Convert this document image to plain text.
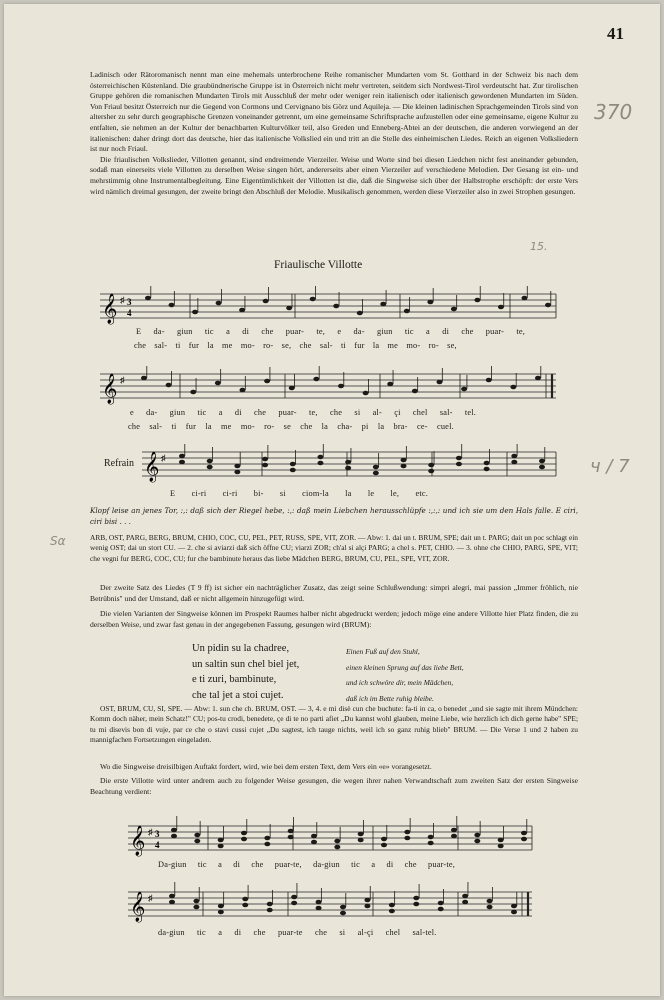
41
370
15.
ч / 7
Ѕα

Ladinisch oder Rätoromanisch nennt man eine mehemals unterbrochene Reihe romanischer Mundarten vom St. Gotthard in der Schweiz bis nach dem österreichischen Küstenland. Die graubündnerische Gruppe ist in Österreich nicht mehr vertreten, seitdem sich Nordwest-Tirol verdeutscht hat. Zur tirolischen Gruppe gehören die romanischen Mundarten Tirols mit Ausschluß der mehr oder weniger rein italienisch oder italienisch gewordenen Mundarten im Süden. Von Friaul besitzt Österreich nur die Gegend von Cormons und Cervignano bis Görz und Aquileja. — Die kleinen ladinischen Sprachgemeinden Tirols sind von altersher zu sehr durch geographische Grenzen voneinander getrennt, um eine gemeinsame Schriftsprache aufzustellen oder eine gemeinsame, eigene Kultur zu entfalten, sie nehmen an der Kultur der benachbarten Kulturvölker teil, also Greden und Enneberg-Abtei an der deutschen, die anderen vorwiegend an der italienischen: daher dringt dort das deutsche, hier das italienische Volkslied ein und tritt an die Stelle des einheimischen Liedes. Reich an eigenen Volksliedern ist nur noch Friaul.

Die friaulischen Volkslieder, Villotten genannt, sind endreimende Vierzeiler. Weise und Worte sind bei diesen Liedchen nicht fest aneinander gebunden, sodaß man einerseits viele Villotten zu derselben Weise singen hört, andererseits aber einen Vierzeiler auf verschiedene Melodien. Der Gesang ist ein- und mehrstimmig ohne Instrumentalbegleitung. Eine Eigentümlichkeit der Villotten ist die, daß die Singweise sich über der Halbstrophe erschöpft: der erste Vers wird nämlich dreimal gesungen, der zweite bringt den Abschluß der Melodie. Musikalisch genommen, werden diese Vierzeiler also in zwei Strophen gesungen.

Friaulische Villotte
𝄞 ♯ 3
4
E da- giun tic a di che puar- te, e da- giun tic a di che puar- te,
che sal- ti fur la me mo- ro- se, che sal- ti fur la me mo- ro- se,
𝄞 ♯
e da- giun tic a di che puar- te, che si al- çi chel sal- tel.
che sal- ti fur la me mo- ro- se che la cha- pi la bra- ce- cuel.
Refrain 𝄞 ♯
E ci-ri ci-ri bi- si ciom-la la le le, etc.
Klopf leise an jenes Tor, :,: daß sich der Riegel hebe, :,: daß mein Liebchen herausschlüpfe :,:,: und ich sie um den Hals falle. E ciri, ciri bisi . . .
ARB, OST, PARG, BERG, BRUM, CHIO, COC, CU, PEL, PET, RUSS, SPE, VIT, ZOR. — Abw: 1. dai un t. BRUM, SPE; dait un t. PARG; dait un poc schlagt ein wenig OST; dai un stort CU. — 2. che si aviarzi daß sich öffne CU; viarzi ZOR; ch'al si alçi PARG; a chel s. PET, CHIO. — 3. ohne che CHIO, PARG, SPE, VIT; che vegni fur BERG, COC, CU; fur che bambinute heraus das liebe Mädchen BERG, BRUM, CU, PEL, SPE, VIT, ZOR.

Der zweite Satz des Liedes (T 9 ff) ist sicher ein nachträglicher Zusatz, das zeigt seine Schlußwendung: simpri alegri, mai passion „Immer fröhlich, nie Betrübnis" und der Umstand, daß er nicht allgemein hinzugefügt wird.

Die vielen Varianten der Singweise können im Prospekt Raumes halber nicht abgedruckt werden; jedoch möge eine andere Villotte hier Platz finden, die zu derselben Weise, und zwar fast genau in der angegebenen Fassung, gesungen wird (BRUM):

Un pidin su la chadree,
un saltin sun chel biel jet,
e ti zuri, bambinute,
che tal jet a stoi cujet.
Einen Fuß auf den Stuhl,
einen kleinen Sprung auf das liebe Bett,
und ich schwöre dir, mein Mädchen,
daß ich im Bette ruhig bleibe.

OST, BRUM, CU, SI, SPE. — Abw: 1. sun che ch. BRUM, OST. — 3, 4. e mi disè cun che buchute: fa-ti in ca, o benedet „und sie sagte mit ihrem Mündchen: Komm doch näher, mein Schatz!" CU; pos-tu crodi, benedete, çe di te no parti afiet „Du kannst wohl glauben, meine Liebe, wie herzlich ich dich gerne habe" SPE; tu mi disevis bon di vuje, par ce che o stavi cussi cujet „Du sagtest, ich tauge nichts, weil ich so ganz ruhig blieb" BRUM. — Die Verse 1 und 2 haben zu mannigfachen Fortsetzungen eingeladen.

Wo die Singweise dreisilbigen Auftakt fordert, wird, wie bei dem ersten Text, dem Vers ein «e» vorangesetzt.

Die erste Villotte wird unter andrem auch zu folgender Weise gesungen, die wegen ihrer nahen Verwandtschaft zum zweiten Satz der ersten Singweise Beachtung verdient:

𝄞 ♯ 3
4
Da-giun tic a di che puar-te, da-giun tic a di che puar-te,
𝄞 ♯
da-giun tic a di che puar-te che si al-çi chel sal-tel.
